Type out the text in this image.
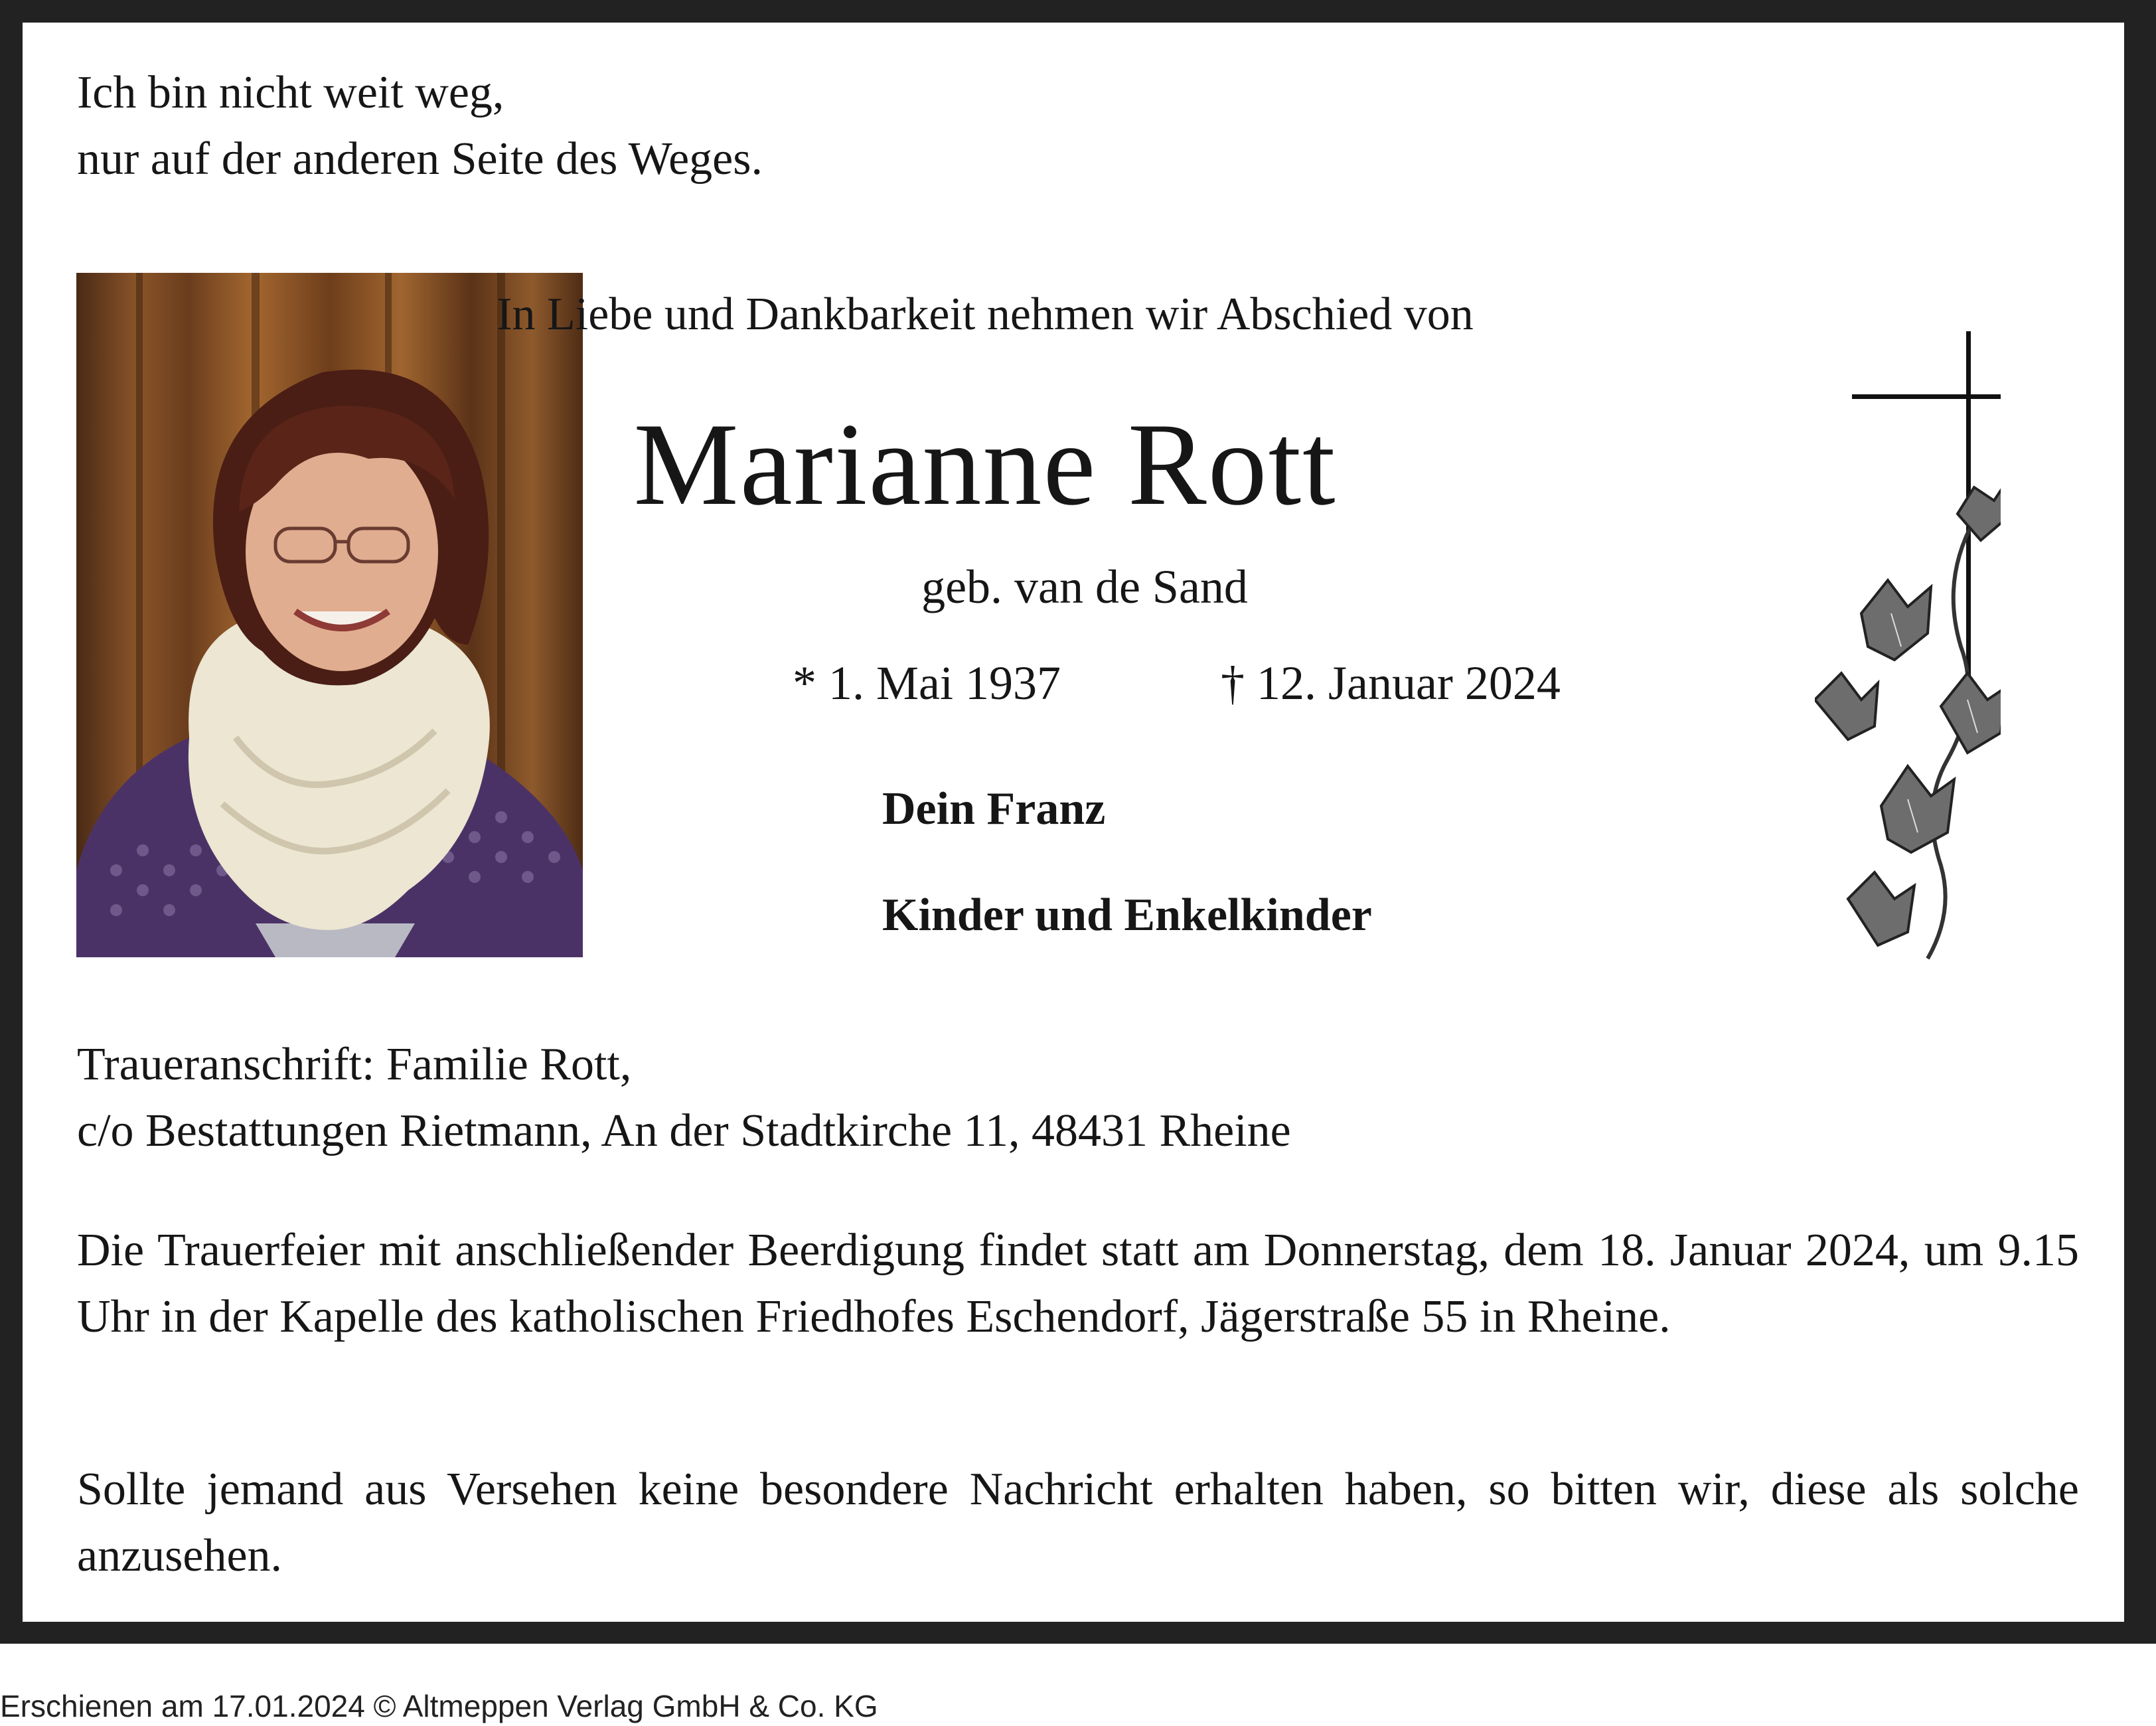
Ich bin nicht weit weg,
nur auf der anderen Seite des Weges.

In Liebe und Dankbarkeit nehmen wir Abschied von

Marianne Rott

geb. van de Sand

* 1. Mai 1937	† 12. Januar 2024

Dein Franz

Kinder und Enkelkinder

Traueranschrift: Familie Rott,
c/o Bestattungen Rietmann, An der Stadtkirche 11, 48431 Rheine

Die Trauerfeier mit anschließender Beerdigung findet statt am Donnerstag, dem 18. Januar 2024, um 9.15 Uhr in der Kapelle des katholischen Friedhofes Eschendorf, Jägerstraße 55 in Rheine.

Sollte jemand aus Versehen keine besondere Nachricht erhalten haben, so bitten wir, diese als solche anzusehen.

Erschienen am 17.01.2024 © Altmeppen Verlag GmbH & Co. KG
